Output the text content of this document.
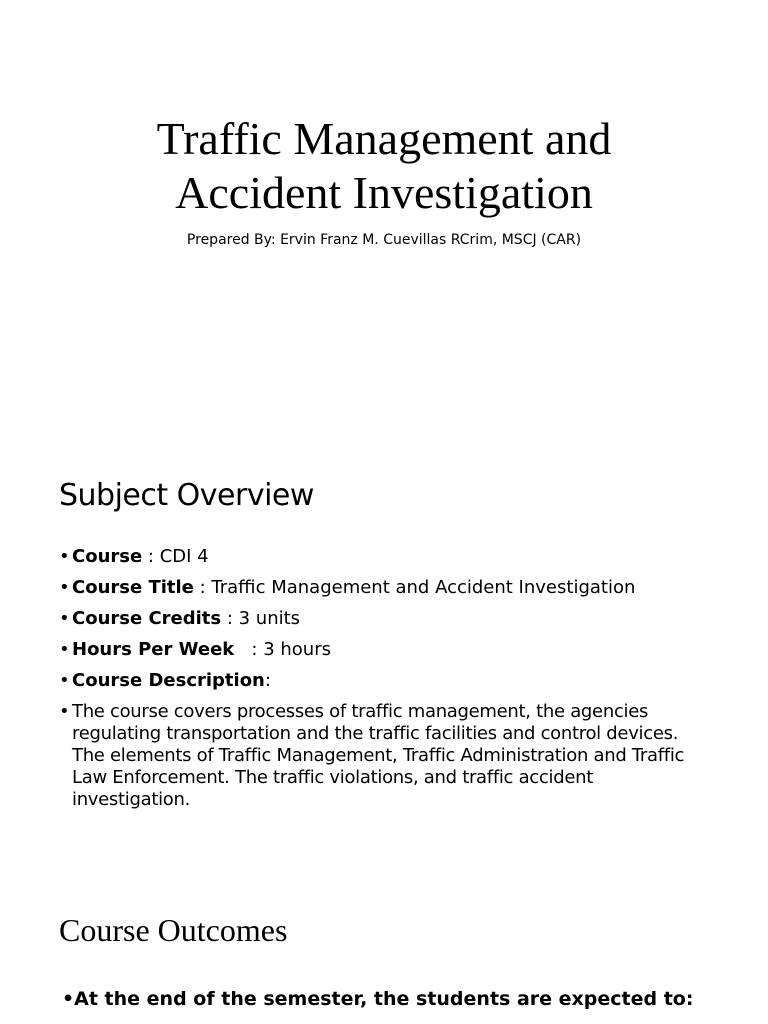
Traffic Management and
Accident Investigation
Prepared By: Ervin Franz M. Cuevillas RCrim, MSCJ (CAR)
Subject Overview
• Course : CDI 4
• Course Title : Traffic Management and Accident Investigation
• Course Credits : 3 units
• Hours Per Week   : 3 hours
• Course Description:
• The course covers processes of traffic management, the agencies regulating transportation and the traffic facilities and control devices. The elements of Traffic Management, Traffic Administration and Traffic Law Enforcement. The traffic violations, and traffic accident investigation.
Course Outcomes
•At the end of the semester, the students are expected to:
